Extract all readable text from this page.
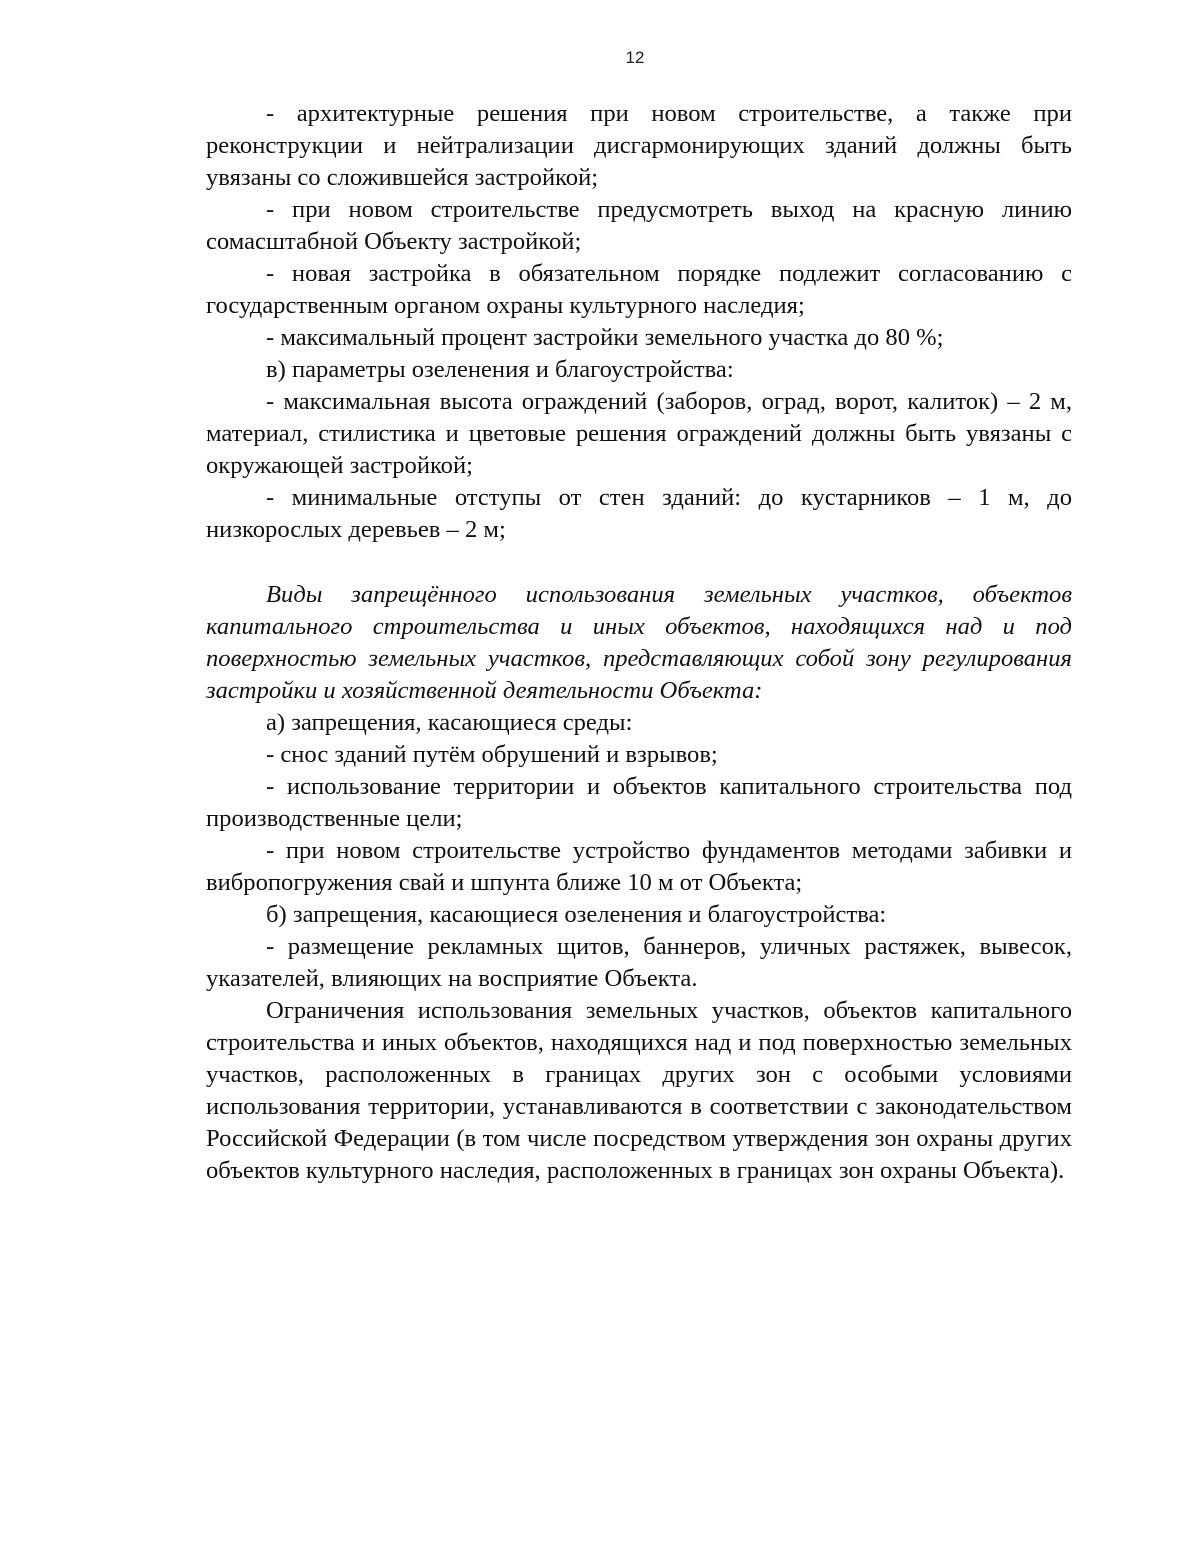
12

- архитектурные решения при новом строительстве, а также при реконструкции и нейтрализации дисгармонирующих зданий должны быть увязаны со сложившейся застройкой;

- при новом строительстве предусмотреть выход на красную линию сомасштабной Объекту застройкой;

- новая застройка в обязательном порядке подлежит согласованию с государственным органом охраны культурного наследия;

- максимальный процент застройки земельного участка до 80 %;

в) параметры озеленения и благоустройства:

- максимальная высота ограждений (заборов, оград, ворот, калиток) – 2 м, материал, стилистика и цветовые решения ограждений должны быть увязаны с окружающей застройкой;

- минимальные отступы от стен зданий: до кустарников – 1 м, до низкорослых деревьев – 2 м;

Виды запрещённого использования земельных участков, объектов капитального строительства и иных объектов, находящихся над и под поверхностью земельных участков, представляющих собой зону регулирования застройки и хозяйственной деятельности Объекта:

а) запрещения, касающиеся среды:

- снос зданий путём обрушений и взрывов;

- использование территории и объектов капитального строительства под производственные цели;

- при новом строительстве устройство фундаментов методами забивки и вибропогружения свай и шпунта ближе 10 м от Объекта;

б) запрещения, касающиеся озеленения и благоустройства:

- размещение рекламных щитов, баннеров, уличных растяжек, вывесок, указателей, влияющих на восприятие Объекта.

Ограничения использования земельных участков, объектов капитального строительства и иных объектов, находящихся над и под поверхностью земельных участков, расположенных в границах других зон с особыми условиями использования территории, устанавливаются в соответствии с законодательством Российской Федерации (в том числе посредством утверждения зон охраны других объектов культурного наследия, расположенных в границах зон охраны Объекта).
